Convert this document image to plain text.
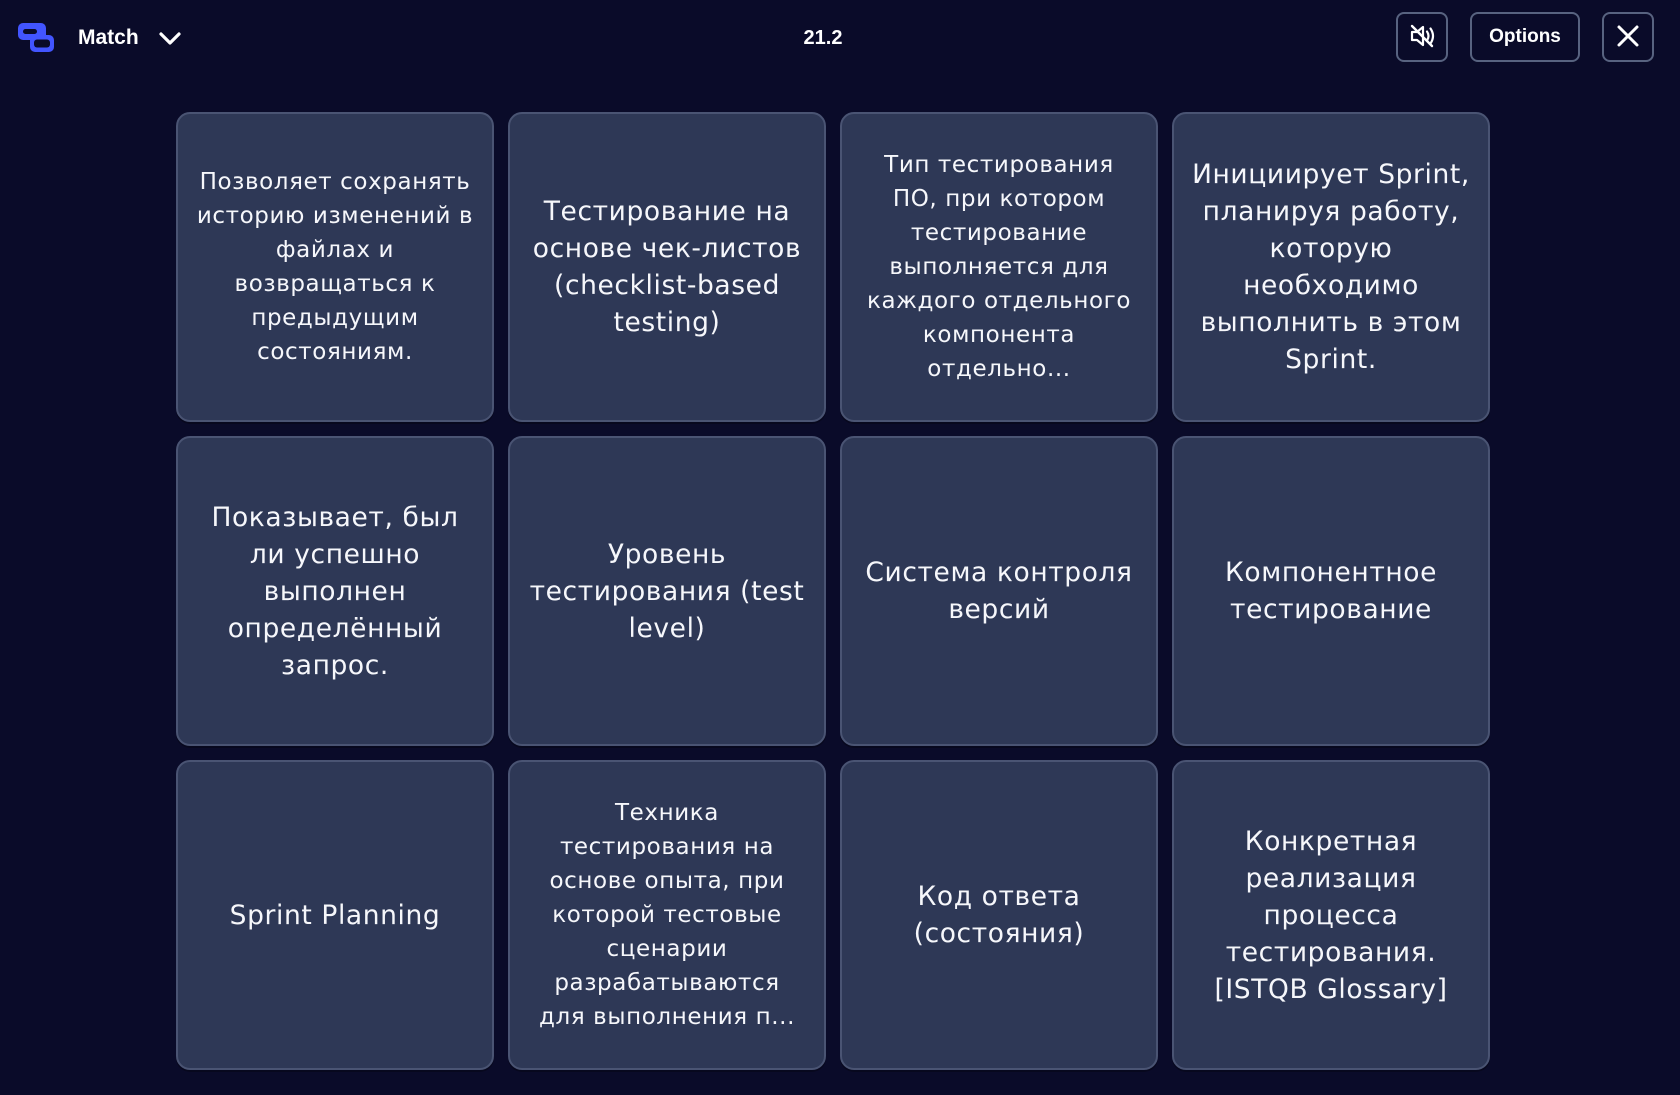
Match	21.2	Options
Позволяет сохранять историю изменений в файлах и возвращаться к предыдущим состояниям.
Тестирование на основе чек-листов (checklist-based testing)
Тип тестирования ПО, при котором тестирование выполняется для каждого отдельного компонента отдельно...
Инициирует Sprint, планируя работу, которую необходимо выполнить в этом Sprint.
Показывает, был ли успешно выполнен определённый запрос.
Уровень тестирования (test level)
Система контроля версий
Компонентное тестирование
Sprint Planning
Техника тестирования на основе опыта, при которой тестовые сценарии разрабатываются для выполнения п...
Код ответа (состояния)
Конкретная реализация процесса тестирования. [ISTQB Glossary]
